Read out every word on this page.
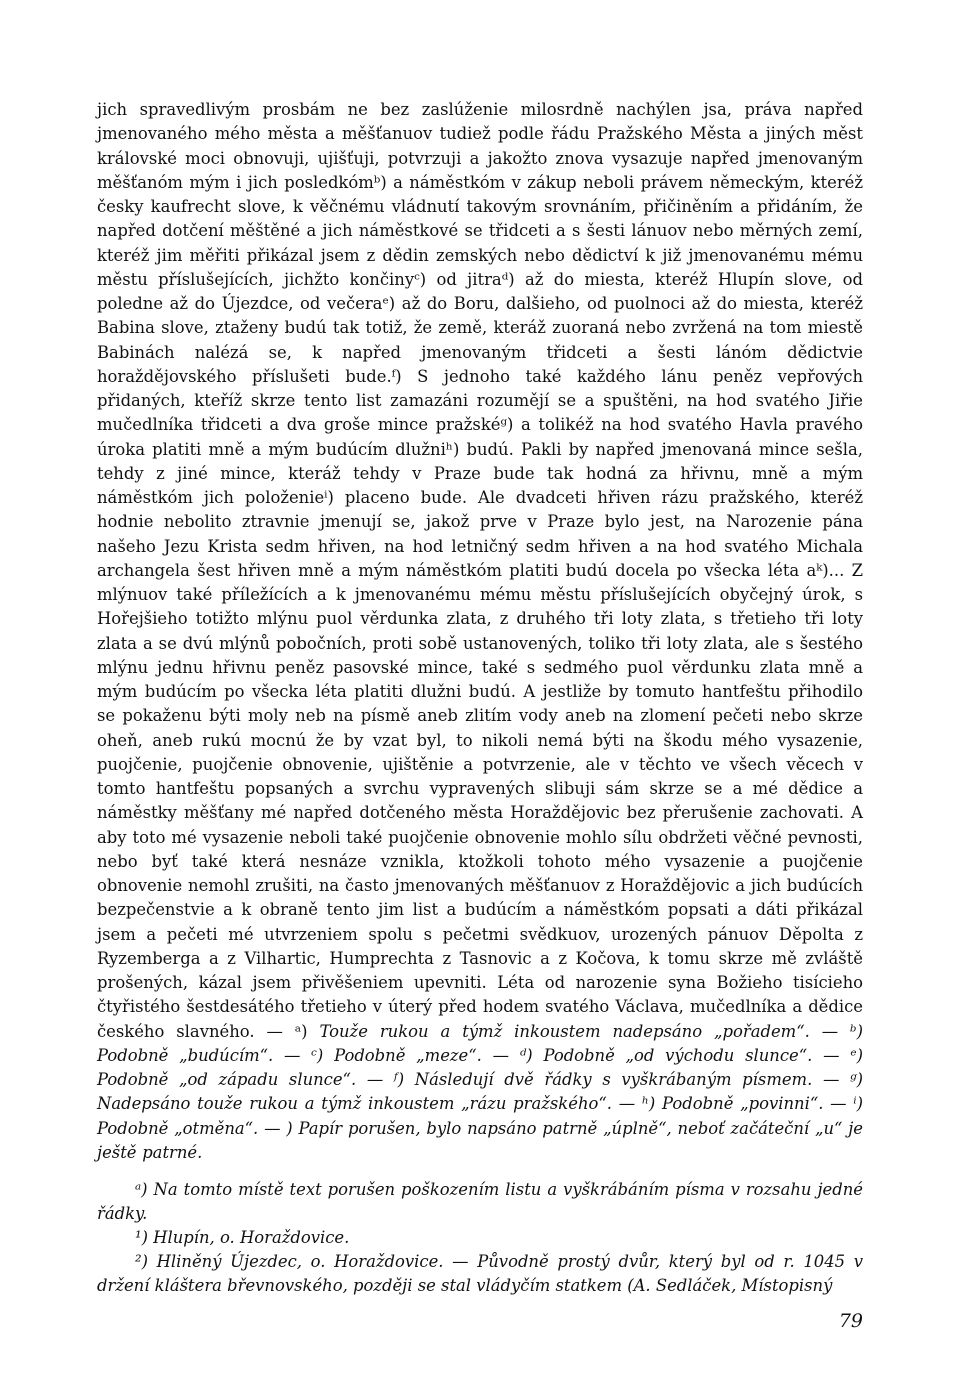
jich spravedlivým prosbám ne bez zaslúženie milosrdně nachýlen jsa, práva napřed jmenovaného mého města a měšťanuov tudiež podle řádu Pražského Města a jiných měst královské moci obnovuji, ujišťuji, potvrzuji a jakožto znova vysazuje napřed jmenovaným měšťanóm mým i jich posledkómᵇ) a náměstkóm v zákup neboli právem německým, kteréž česky kaufrecht slove, k věčnému vládnutí takovým srovnáním, přičiněním a přidáním, že napřed dotčení měštěné a jich náměstkové se třidceti a s šesti lánuov nebo měrných zemí, kteréž jim měřiti přikázal jsem z dědin zemských nebo dědictví k již jmenovanému mému městu příslušejících, jichžto končinyᶜ) od jitraᵈ) až do miesta, kteréž Hlupín slove, od poledne až do Újezdce, od večeraᵉ) až do Boru, dalšieho, od puolnoci až do miesta, kteréž Babina slove, ztaženy budú tak totiž, že země, kteráž zuoraná nebo zvržená na tom miestě Babinách nalézá se, k napřed jmenovaným třidceti a šesti lánóm dědictvie horaždějovského příslušeti bude.ᶠ) S jednoho také každého lánu peněz vepřových přidaných, kteříž skrze tento list zamazáni rozumějí se a spuštěni, na hod svatého Jiřie mučedlníka třidceti a dva groše mince pražskéᵍ) a tolikéž na hod svatého Havla pravého úroka platiti mně a mým budúcím dlužniʰ) budú. Pakli by napřed jmenovaná mince sešla, tehdy z jiné mince, kteráž tehdy v Praze bude tak hodná za hřivnu, mně a mým náměstkóm jich položenieⁱ) placeno bude. Ale dvadceti hřiven rázu pražského, kteréž hodnie nebolito ztravnie jmenují se, jakož prve v Praze bylo jest, na Narozenie pána našeho Jezu Krista sedm hřiven, na hod letničný sedm hřiven a na hod svatého Michala archangela šest hřiven mně a mým náměstkóm platiti budú docela po všecka léta aᵏ)... Z mlýnuov také příležících a k jmenovanému mému městu příslušejících obyčejný úrok, s Hořejšieho totižto mlýnu puol věrdunka zlata, z druhého tři loty zlata, s třetieho tři loty zlata a se dvú mlýnů pobočních, proti sobě ustanovených, toliko tři loty zlata, ale s šestého mlýnu jednu hřivnu peněz pasovské mince, také s sedmého puol věrdunku zlata mně a mým budúcím po všecka léta platiti dlužni budú. A jestliže by tomuto hantfeštu přihodilo se pokaženu býti moly neb na písmě aneb zlitím vody aneb na zlomení pečeti nebo skrze oheň, aneb rukú mocnú že by vzat byl, to nikoli nemá býti na škodu mého vysazenie, puojčenie, puojčenie obnovenie, ujištěnie a potvrzenie, ale v těchto ve všech věcech v tomto hantfeštu popsaných a svrchu vypravených slibuji sám skrze se a mé dědice a náměstky měšťany mé napřed dotčeného města Horaždějovic bez přerušenie zachovati. A aby toto mé vysazenie neboli také puojčenie obnovenie mohlo sílu obdržeti věčné pevnosti, nebo byť také která nesnáze vznikla, ktožkoli tohoto mého vysazenie a puojčenie obnovenie nemohl zrušiti, na často jmenovaných měšťanuov z Horaždějovic a jich budúcích bezpečenstvie a k obraně tento jim list a budúcím a náměstkóm popsati a dáti přikázal jsem a pečeti mé utvrzeniem spolu s pečetmi svědkuov, urozených pánuov Děpolta z Ryzemberga a z Vilhartic, Humprechta z Tasnovic a z Kočova, k tomu skrze mě zvláště prošených, kázal jsem přivěšeniem upevniti. Léta od narozenie syna Božieho tisícieho čtyřistého šestdesátého třetieho v úterý před hodem svatého Václava, mučedlníka a dědice českého slavného. — ᵃ) Touže rukou a týmž inkoustem nadepsáno „pořadem“. — ᵇ) Podobně „budúcím“. — ᶜ) Podobně „meze“. — ᵈ) Podobně „od východu slunce“. — ᵉ) Podobně „od západu slunce“. — ᶠ) Následují dvě řádky s vyškrábaným písmem. — ᵍ) Nadepsáno touže rukou a týmž inkoustem „rázu pražského“. — ʰ) Podobně „povinni“. — ⁱ) Podobně „otměna“. — ) Papír porušen, bylo napsáno patrně „úplně“, neboť začáteční „u“ je ještě patrné.

ᵃ) Na tomto místě text porušen poškozením listu a vyškrábáním písma v rozsahu jedné řádky.

¹) Hlupín, o. Horaždovice.

²) Hliněný Újezdec, o. Horaždovice. — Původně prostý dvůr, který byl od r. 1045 v držení kláštera břevnovského, později se stal vládyčím statkem (A. Sedláček, Místopisný

79
